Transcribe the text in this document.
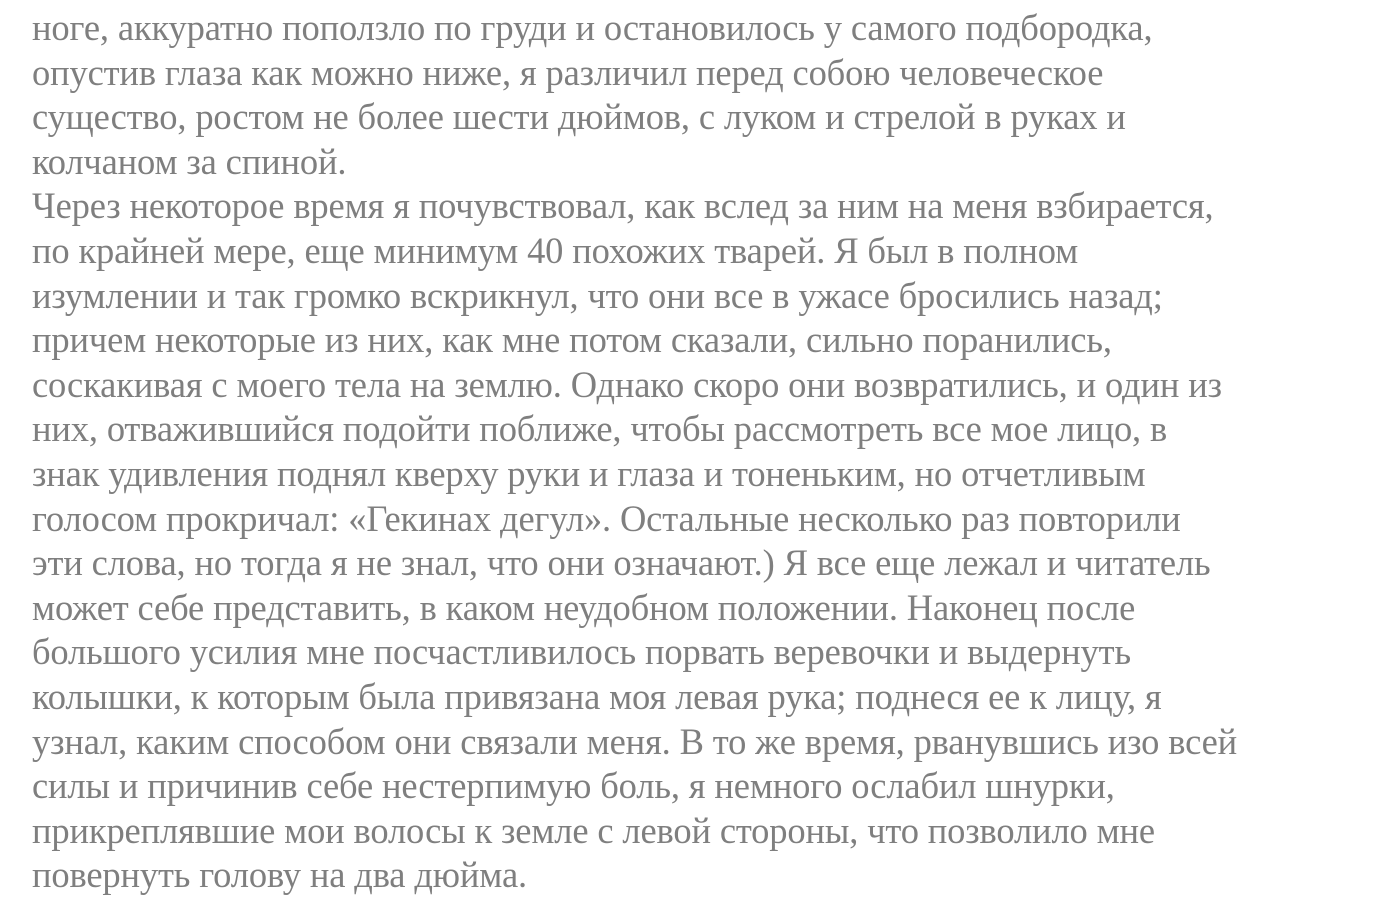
ноге, аккуратно поползло по груди и остановилось у самого подбородка,
опустив глаза как можно ниже, я различил перед собою человеческое
существо, ростом не более шести дюймов, с луком и стрелой в руках и
колчаном за спиной.
Через некоторое время я почувствовал, как вслед за ним на меня взбирается,
по крайней мере, еще минимум 40 похожих тварей. Я был в полном
изумлении и так громко вскрикнул, что они все в ужасе бросились назад;
причем некоторые из них, как мне потом сказали, сильно поранились,
соскакивая с моего тела на землю. Однако скоро они возвратились, и один из
них, отважившийся подойти поближе, чтобы рассмотреть все мое лицо, в
знак удивления поднял кверху руки и глаза и тоненьким, но отчетливым
голосом прокричал: «Гекинах дегул». Остальные несколько раз повторили
эти слова, но тогда я не знал, что они означают.) Я все еще лежал и читатель
может себе представить, в каком неудобном положении. Наконец после
большого усилия мне посчастливилось порвать веревочки и выдернуть
колышки, к которым была привязана моя левая рука; поднеся ее к лицу, я
узнал, каким способом они связали меня. В то же время, рванувшись изо всей
силы и причинив себе нестерпимую боль, я немного ослабил шнурки,
прикреплявшие мои волосы к земле с левой стороны, что позволило мне
повернуть голову на два дюйма.
